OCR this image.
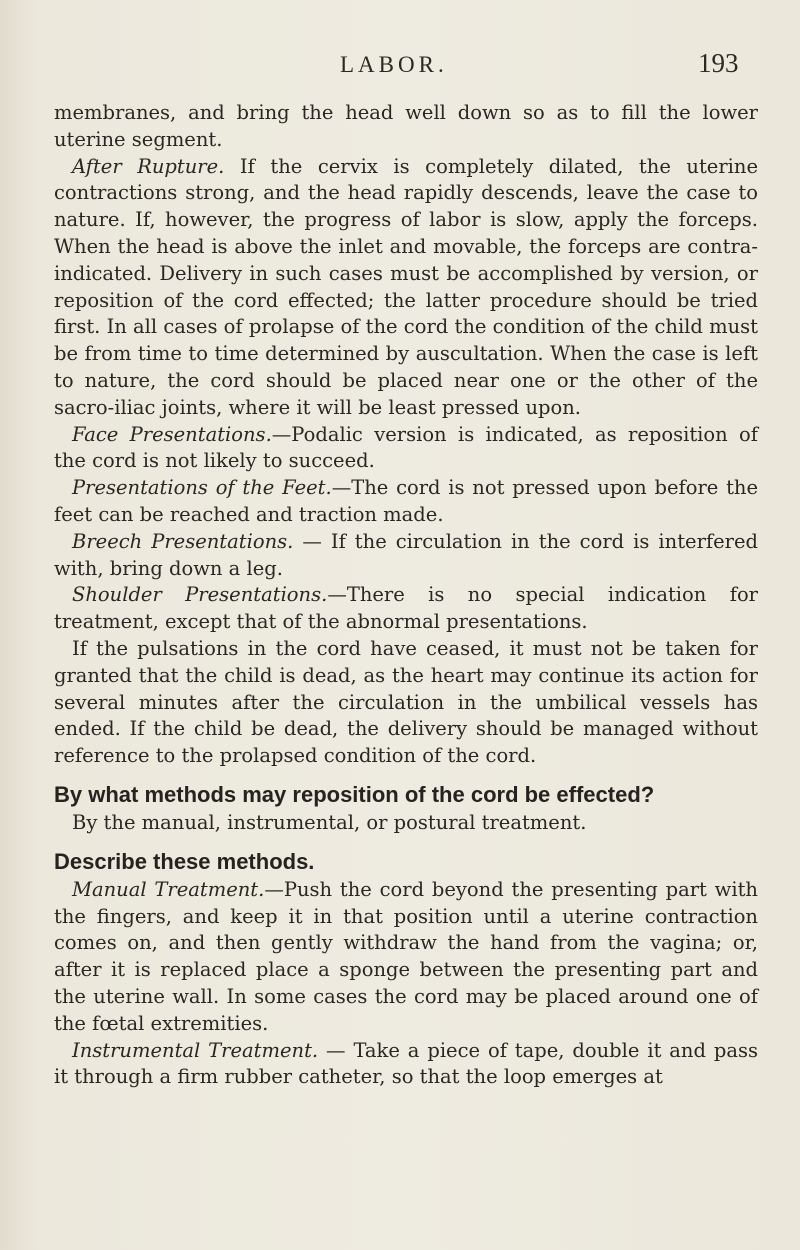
LABOR.	193

membranes, and bring the head well down so as to fill the lower uterine segment.

After Rupture. If the cervix is completely dilated, the uterine contractions strong, and the head rapidly descends, leave the case to nature. If, however, the progress of labor is slow, apply the forceps. When the head is above the inlet and movable, the forceps are contra-indicated. Delivery in such cases must be accomplished by version, or reposition of the cord effected; the latter procedure should be tried first. In all cases of prolapse of the cord the condition of the child must be from time to time determined by auscultation. When the case is left to nature, the cord should be placed near one or the other of the sacro-iliac joints, where it will be least pressed upon.

Face Presentations.—Podalic version is indicated, as reposition of the cord is not likely to succeed.

Presentations of the Feet.—The cord is not pressed upon before the feet can be reached and traction made.

Breech Presentations. — If the circulation in the cord is interfered with, bring down a leg.

Shoulder Presentations.—There is no special indication for treatment, except that of the abnormal presentations.

If the pulsations in the cord have ceased, it must not be taken for granted that the child is dead, as the heart may continue its action for several minutes after the circulation in the umbilical vessels has ended. If the child be dead, the delivery should be managed without reference to the prolapsed condition of the cord.

By what methods may reposition of the cord be effected?

By the manual, instrumental, or postural treatment.

Describe these methods.

Manual Treatment.—Push the cord beyond the presenting part with the fingers, and keep it in that position until a uterine contraction comes on, and then gently withdraw the hand from the vagina; or, after it is replaced place a sponge between the presenting part and the uterine wall. In some cases the cord may be placed around one of the fœtal extremities.

Instrumental Treatment. — Take a piece of tape, double it and pass it through a firm rubber catheter, so that the loop emerges at
